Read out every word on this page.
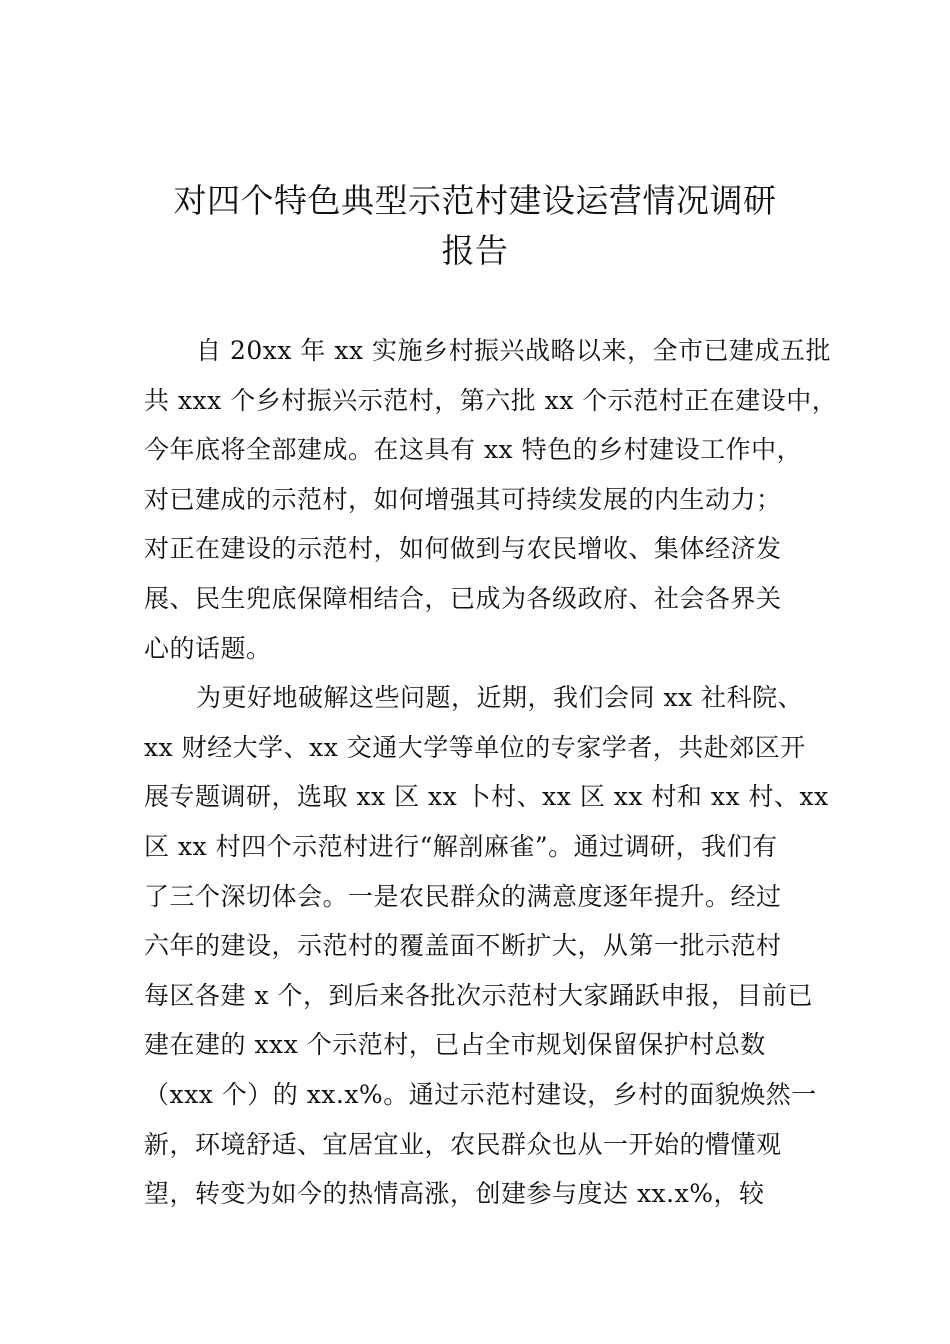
对四个特色典型示范村建设运营情况调研
报告
自 20xx 年 xx 实施乡村振兴战略以来，全市已建成五批
共 xxx 个乡村振兴示范村，第六批 xx 个示范村正在建设中，
今年底将全部建成。在这具有 xx 特色的乡村建设工作中，
对已建成的示范村，如何增强其可持续发展的内生动力；
对正在建设的示范村，如何做到与农民增收、集体经济发
展、民生兜底保障相结合，已成为各级政府、社会各界关
心的话题。
为更好地破解这些问题，近期，我们会同 xx 社科院、
xx 财经大学、xx 交通大学等单位的专家学者，共赴郊区开
展专题调研，选取 xx 区 xx 卜村、xx 区 xx 村和 xx 村、xx
区 xx 村四个示范村进行“解剖麻雀”。通过调研，我们有
了三个深切体会。一是农民群众的满意度逐年提升。经过
六年的建设，示范村的覆盖面不断扩大，从第一批示范村
每区各建 x 个，到后来各批次示范村大家踊跃申报，目前已
建在建的 xxx 个示范村，已占全市规划保留保护村总数
（xxx 个）的 xx.x%。通过示范村建设，乡村的面貌焕然一
新，环境舒适、宜居宜业，农民群众也从一开始的懵懂观
望，转变为如今的热情高涨，创建参与度达 xx.x%，较
